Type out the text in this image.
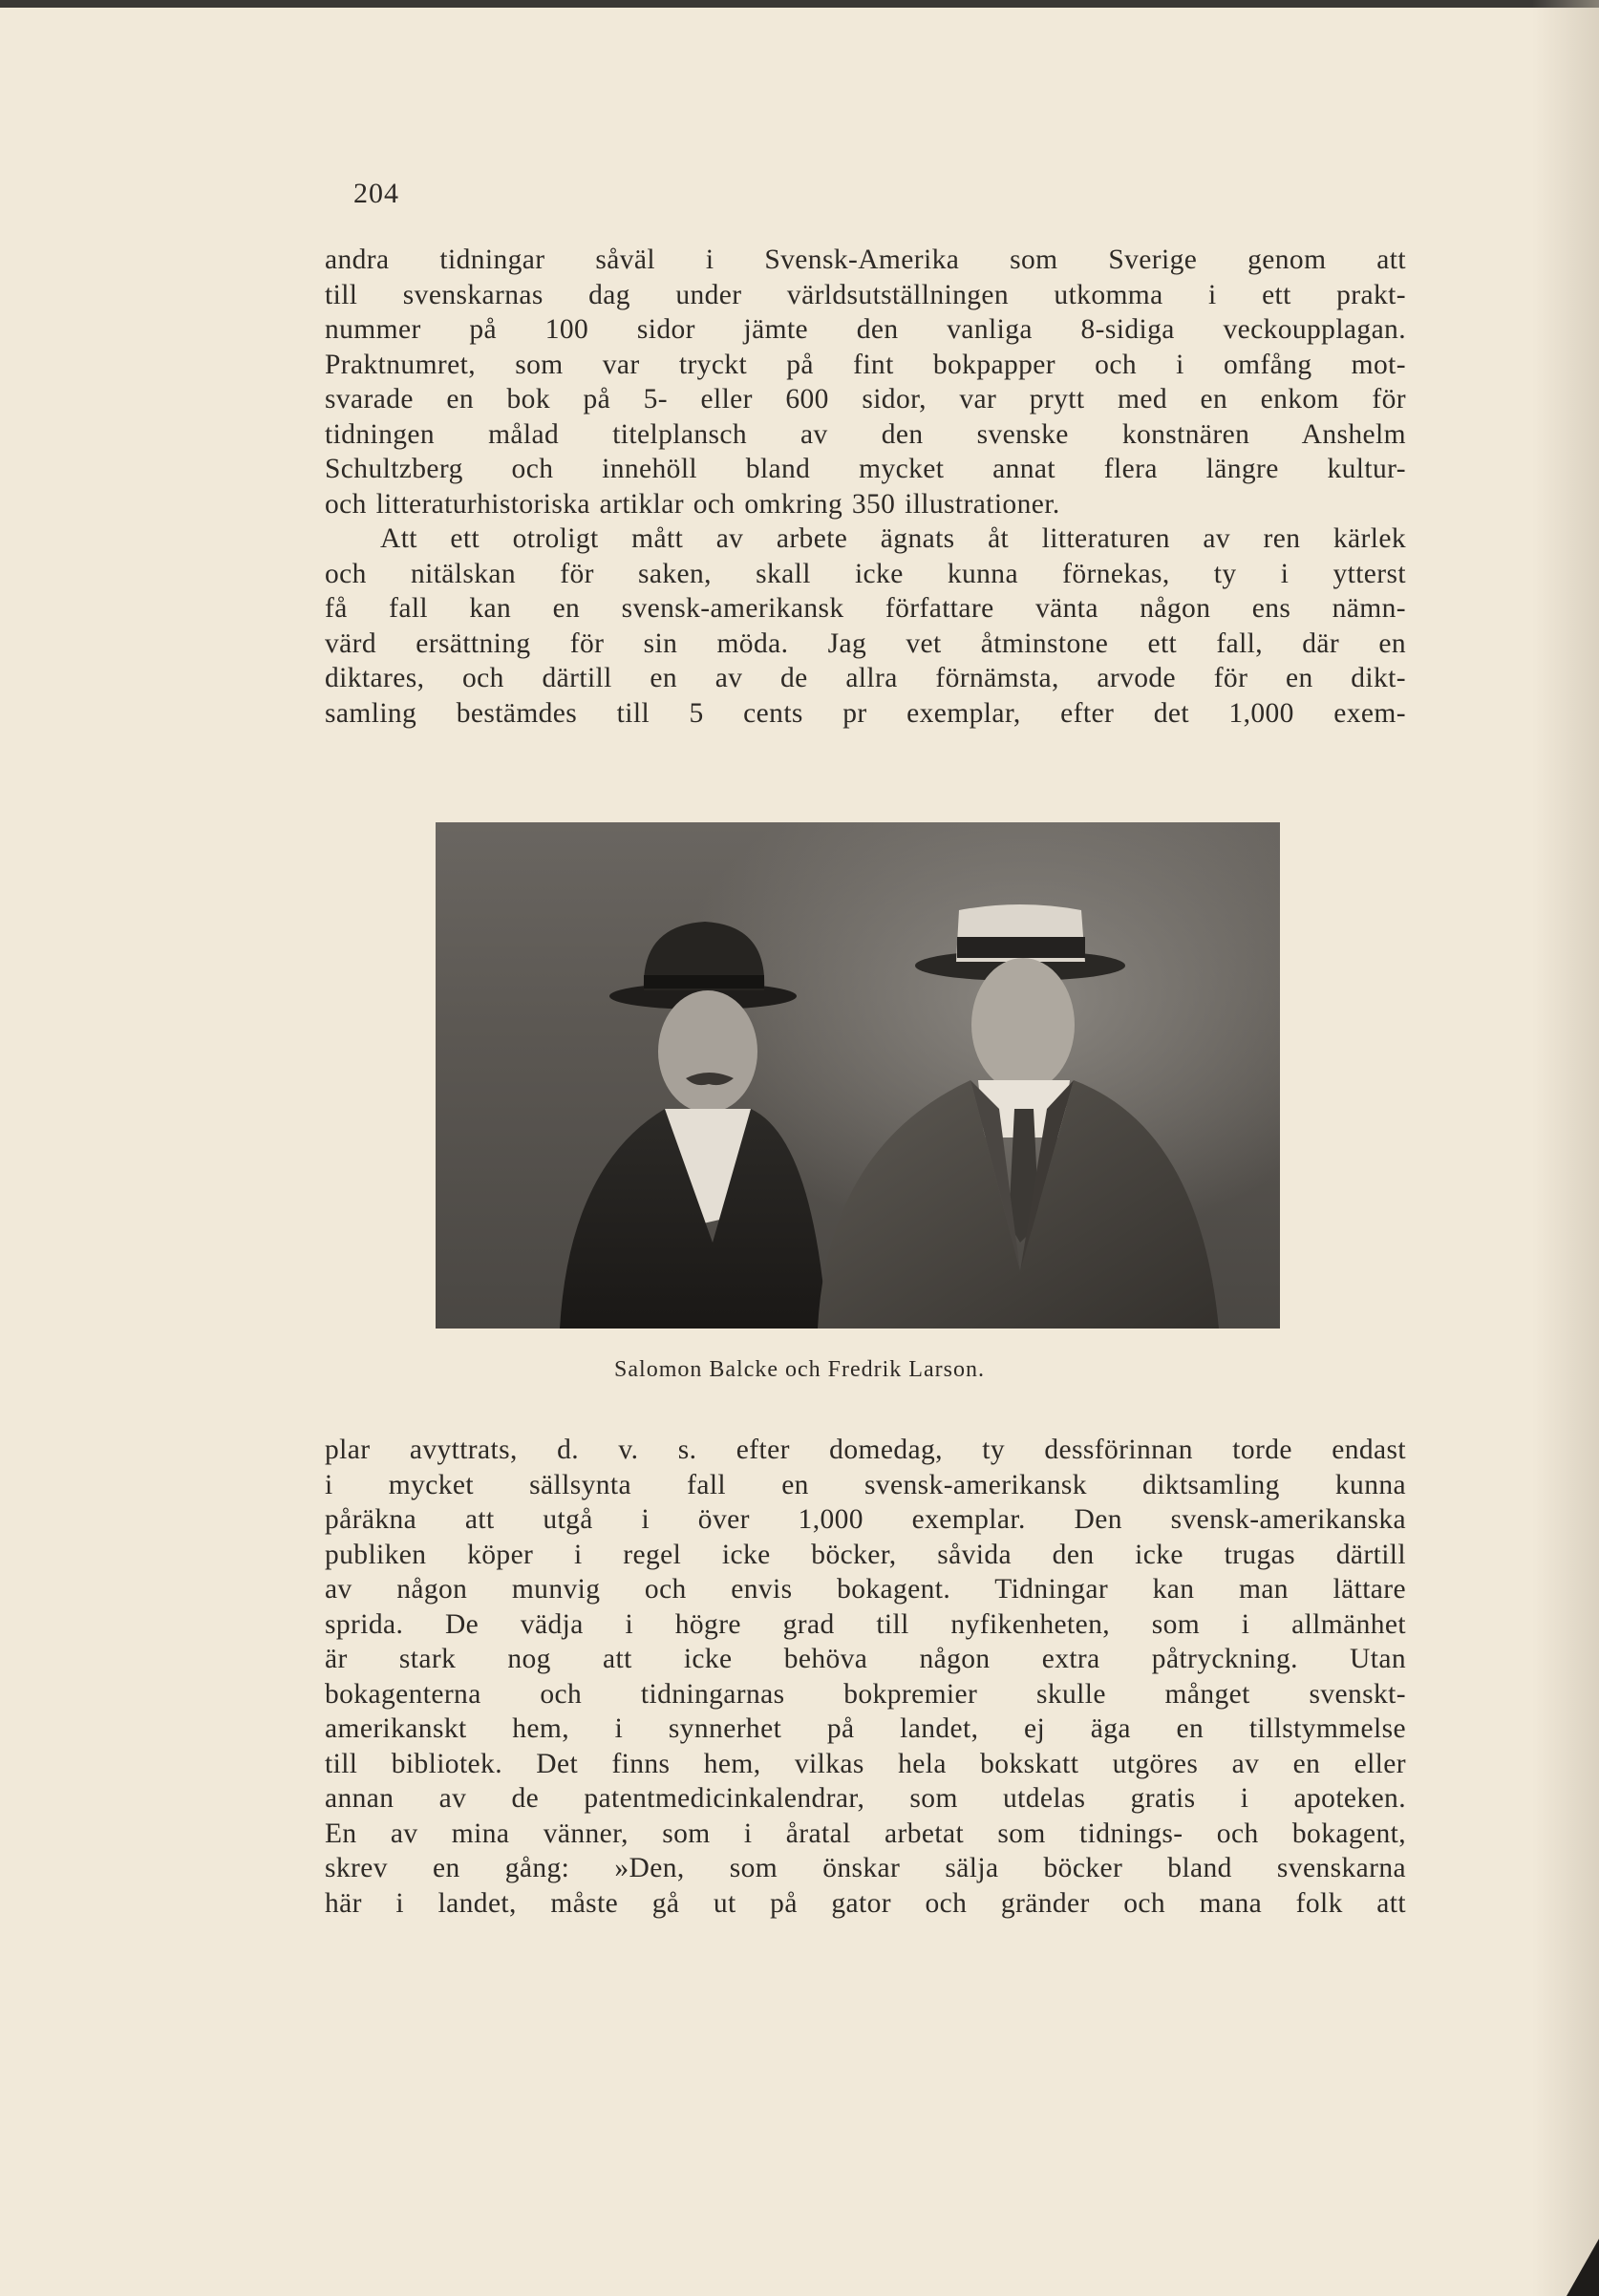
204
andra tidningar såväl i Svensk-Amerika som Sverige genom att
till svenskarnas dag under världsutställningen utkomma i ett prakt-
nummer på 100 sidor jämte den vanliga 8-sidiga veckoupplagan.
Praktnumret, som var tryckt på fint bokpapper och i omfång mot-
svarade en bok på 5- eller 600 sidor, var prytt med en enkom för
tidningen målad titelplansch av den svenske konstnären Anshelm
Schultzberg och innehöll bland mycket annat flera längre kultur-
och litteraturhistoriska artiklar och omkring 350 illustrationer.
Att ett otroligt mått av arbete ägnats åt litteraturen av ren kärlek
och nitälskan för saken, skall icke kunna förnekas, ty i ytterst
få fall kan en svensk-amerikansk författare vänta någon ens nämn-
värd ersättning för sin möda. Jag vet åtminstone ett fall, där en
diktares, och därtill en av de allra förnämsta, arvode för en dikt-
samling bestämdes till 5 cents pr exemplar, efter det 1,000 exem-
Salomon Balcke och Fredrik Larson.
plar avyttrats, d. v. s. efter domedag, ty dessförinnan torde endast
i mycket sällsynta fall en svensk-amerikansk diktsamling kunna
påräkna att utgå i över 1,000 exemplar. Den svensk-amerikanska
publiken köper i regel icke böcker, såvida den icke trugas därtill
av någon munvig och envis bokagent. Tidningar kan man lättare
sprida. De vädja i högre grad till nyfikenheten, som i allmänhet
är stark nog att icke behöva någon extra påtryckning. Utan
bokagenterna och tidningarnas bokpremier skulle månget svenskt-
amerikanskt hem, i synnerhet på landet, ej äga en tillstymmelse
till bibliotek. Det finns hem, vilkas hela bokskatt utgöres av en eller
annan av de patentmedicinkalendrar, som utdelas gratis i apoteken.
En av mina vänner, som i åratal arbetat som tidnings- och bokagent,
skrev en gång: »Den, som önskar sälja böcker bland svenskarna
här i landet, måste gå ut på gator och gränder och mana folk att
